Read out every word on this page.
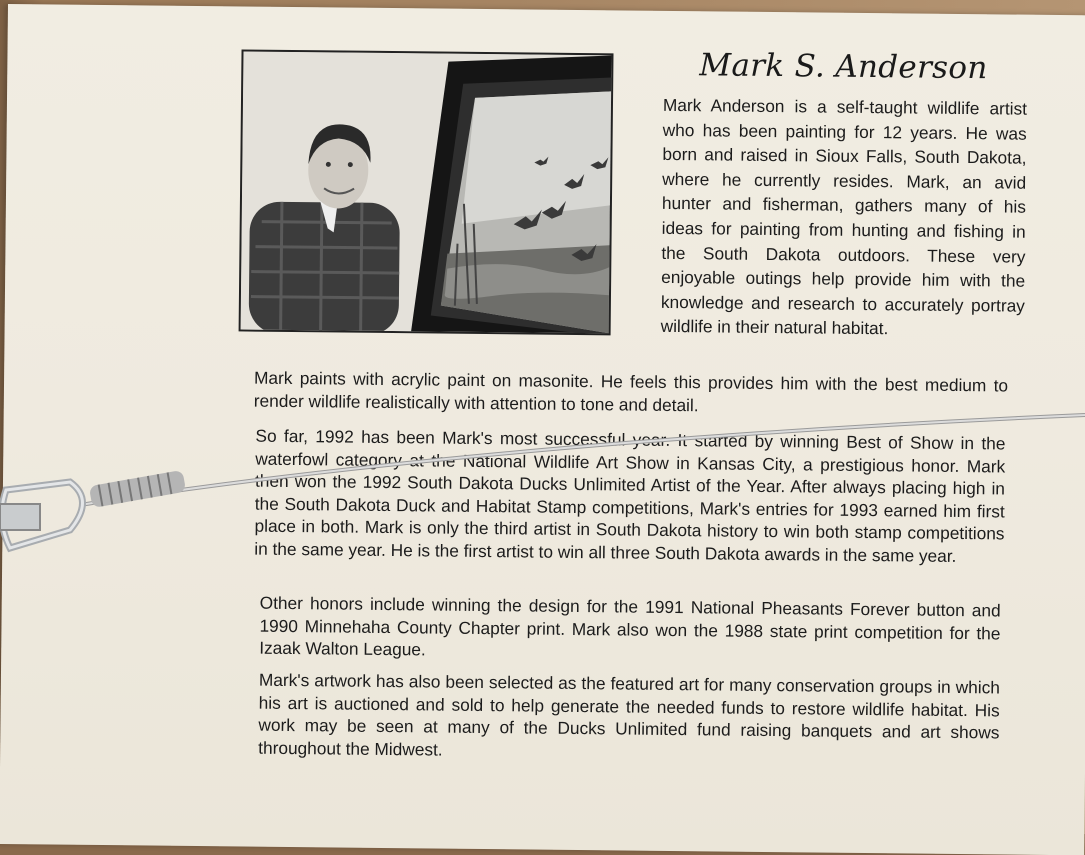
Mark S. Anderson

Mark Anderson is a self-taught wildlife artist who has been painting for 12 years. He was born and raised in Sioux Falls, South Dakota, where he currently resides. Mark, an avid hunter and fisherman, gathers many of his ideas for painting from hunting and fishing in the South Dakota outdoors. These very enjoyable outings help provide him with the knowledge and research to accurately portray wildlife in their natural habitat.

Mark paints with acrylic paint on masonite. He feels this provides him with the best medium to render wildlife realistically with attention to tone and detail.

So far, 1992 has been Mark's most successful year. It started by winning Best of Show in the waterfowl category at the National Wildlife Art Show in Kansas City, a prestigious honor. Mark then won the 1992 South Dakota Ducks Unlimited Artist of the Year. After always placing high in the South Dakota Duck and Habitat Stamp competitions, Mark's entries for 1993 earned him first place in both. Mark is only the third artist in South Dakota history to win both stamp competitions in the same year. He is the first artist to win all three South Dakota awards in the same year.

Other honors include winning the design for the 1991 National Pheasants Forever button and 1990 Minnehaha County Chapter print. Mark also won the 1988 state print competition for the Izaak Walton League.

Mark's artwork has also been selected as the featured art for many conservation groups in which his art is auctioned and sold to help generate the needed funds to restore wildlife habitat. His work may be seen at many of the Ducks Unlimited fund raising banquets and art shows throughout the Midwest.
